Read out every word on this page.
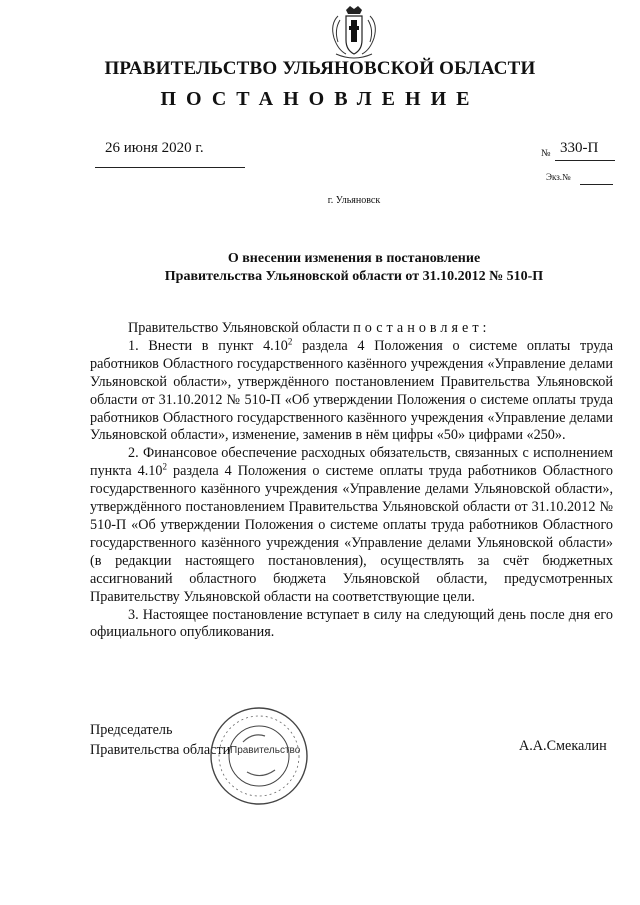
ПРАВИТЕЛЬСТВО УЛЬЯНОВСКОЙ ОБЛАСТИ
ПОСТАНОВЛЕНИЕ
26 июня 2020 г.	№ 330-П
Экз.№
г. Ульяновск
О внесении изменения в постановление
Правительства Ульяновской области от 31.10.2012 № 510-П

Правительство Ульяновской области постановляет:

1. Внести в пункт 4.10$^2$ раздела 4 Положения о системе оплаты труда работников Областного государственного казённого учреждения «Управление делами Ульяновской области», утверждённого постановлением Правительства Ульяновской области от 31.10.2012 № 510-П «Об утверждении Положения о системе оплаты труда работников Областного государственного казённого учреждения «Управление делами Ульяновской области», изменение, заменив в нём цифры «50» цифрами «250».

2. Финансовое обеспечение расходных обязательств, связанных с исполнением пункта 4.10$^2$ раздела 4 Положения о системе оплаты труда работников Областного государственного казённого учреждения «Управление делами Ульяновской области», утверждённого постановлением Правительства Ульяновской области от 31.10.2012 № 510-П «Об утверждении Положения о системе оплаты труда работников Областного государственного казённого учреждения «Управление делами Ульяновской области» (в редакции настоящего постановления), осуществлять за счёт бюджетных ассигнований областного бюджета Ульяновской области, предусмотренных Правительству Ульяновской области на соответствующие цели.

3. Настоящее постановление вступает в силу на следующий день после дня его официального опубликования.

Председатель
Правительства области Правительство	А.А.Смекалин
